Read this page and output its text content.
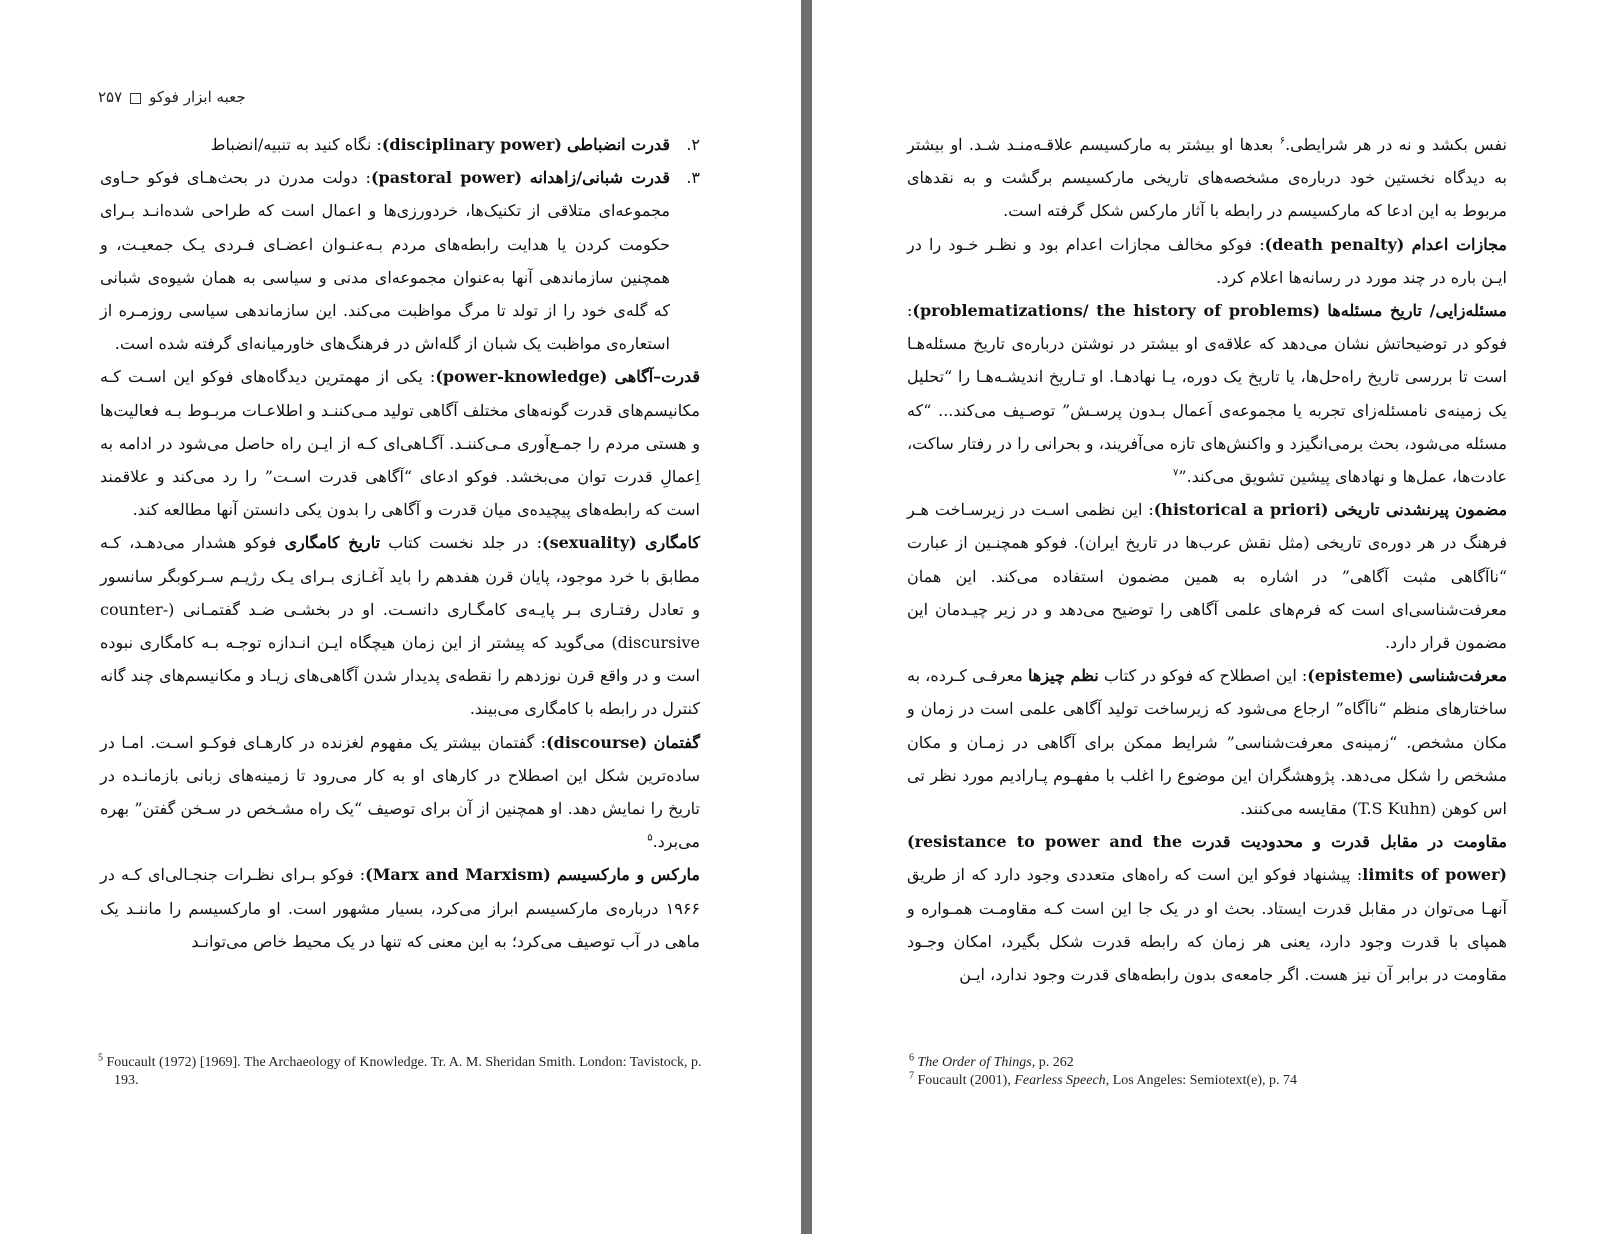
جعبه ابزار فوکو۲۵۷

۲.
قدرت انضباطی (disciplinary power): نگاه کنید به تنبیه/انضباط

۳.
قدرت شبانی/زاهدانه (pastoral power): دولت مدرن در بحث‌هـای فوکو حـاوی مجموعه‌ای متلاقی از تکنیک‌ها، خردورزی‌ها و اعمال است که طراحی شده‌انـد بـرای حکومت کردن یا هدایت رابطه‌های مردم بـه‌عنـوان اعضـای فـردی یـک جمعیـت، و همچنین سازماندهی آنها به‌عنوان مجموعه‌ای مدنی و سیاسی به همان شیوه‌ی شبانی که گله‌ی خود را از تولد تا مرگ مواظبت می‌کند. این سازماندهی سیاسی روزمـره از استعاره‌ی مواظبت یک شبان از گله‌اش در فرهنگ‌های خاورمیانه‌ای گرفته شده است.

قدرت–آگاهی (power-knowledge): یکی از مهمترین دیدگاه‌های فوکو این اسـت کـه مکانیسم‌های قدرت گونه‌های مختلف آگاهی تولید مـی‌کننـد و اطلاعـات مربـوط بـه فعالیت‌ها و هستی مردم را جمـع‌آوری مـی‌کننـد. آگـاهی‌ای کـه از ایـن راه حاصل می‌شود در ادامه به اِعمالِ قدرت توان می‌بخشد. فوکو ادعای “آگاهی قدرت اسـت” را رد می‌کند و علاقمند است که رابطه‌های پیچیده‌ی میان قدرت و آگاهی را بدون یکی دانستن آنها مطالعه کند.

کامگاری (sexuality): در جلد نخست کتاب تاریخ کامگاری فوکو هشدار می‌دهـد، کـه مطابق با خرد موجود، پایان قرن هفدهم را باید آغـازی بـرای یـک رژیـم سـرکوبگر سانسور و تعادل رفتـاری بـر پایـه‌ی کامگـاری دانسـت. او در بخشـی ضـد گفتمـانی (counter-discursive) می‌گوید که پیشتر از این زمان هیچگاه ایـن انـدازه توجـه بـه کامگاری نبوده است و در واقع قرن نوزدهم را نقطه‌ی پدیدار شدن آگاهی‌های زیـاد و مکانیسم‌های چند گانه کنترل در رابطه با کامگاری می‌بیند.

گفتمان (discourse): گفتمان بیشتر یک مفهوم لغزنده در کارهـای فوکـو اسـت. امـا در ساده‌ترین شکل این اصطلاح در کارهای او به کار می‌رود تا زمینه‌های زبانی بازمانـده در تاریخ را نمایش دهد. او همچنین از آن برای توصیف “یک راه مشـخص در سـخن گفتن” بهره می‌برد.$^۵$

مارکس و مارکسیسم (Marx and Marxism): فوکو بـرای نظـرات جنجـالی‌ای کـه در ۱۹۶۶ درباره‌ی مارکسیسم ابراز می‌کرد، بسیار مشهور است. او مارکسیسم را ماننـد یک ماهی در آب توصیف می‌کرد؛ به این معنی که تنها در یک محیط خاص می‌توانـد

$^5$ Foucault (1972) [1969]. The Archaeology of Knowledge. Tr. A. M. Sheridan Smith. London: Tavistock, p. 193.

نفس بکشد و نه در هر شرایطی.$^۶$ بعدها او بیشتر به مارکسیسم علاقـه‌منـد شـد. او بیشتر به دیدگاه نخستین خود درباره‌ی مشخصه‌های تاریخی مارکسیسم برگشت و به نقدهای مربوط به این ادعا که مارکسیسم در رابطه با آثار مارکس شکل گرفته است.

مجازات اعدام (death penalty): فوکو مخالف مجازات اعدام بود و نظـر خـود را در ایـن باره در چند مورد در رسانه‌ها اعلام کرد.

مسئله‌زایی/ تاریخ مسئله‌ها (problematizations/ the history of problems): فوکو در توضیحاتش نشان می‌دهد که علاقه‌ی او بیشتر در نوشتن درباره‌ی تاریخ مسئله‌هـا است تا بررسی تاریخ راه‌حل‌ها، یا تاریخ یک دوره، یـا نهادهـا. او تـاریخ اندیشـه‌هـا را “تحلیل یک زمینه‌ی نامسئله‌زای تجربه یا مجموعه‌ی اَعمال بـدون پرسـش” توصـیف می‌کند... “که مسئله می‌شود، بحث برمی‌انگیزد و واکنش‌های تازه می‌آفریند، و بحرانی را در رفتار ساکت، عادت‌ها، عمل‌ها و نهادهای پیشین تشویق می‌کند.”$^۷$

مضمون پیرنشدنی تاریخی (historical a priori): این نظمی اسـت در زیرسـاخت هـر فرهنگ در هر دوره‌ی تاریخی (مثل نقش عرب‌ها در تاریخ ایران). فوکو همچنـین از عبارت “ناآگاهی مثبت آگاهی” در اشاره به همین مضمون استفاده می‌کند. این همان معرفت‌شناسی‌ای است که فرم‌های علمی آگاهی را توضیح می‌دهد و در زیر چیـدمان این مضمون قرار دارد.

معرفت‌شناسی (episteme): این اصطلاح که فوکو در کتاب نظم چیزها معرفـی کـرده، به ساختارهای منظم “ناآگاه” ارجاع می‌شود که زیرساخت تولید آگاهی علمی است در زمان و مکان مشخص. “زمینه‌ی معرفت‌شناسی” شرایط ممکن برای آگاهی در زمـان و مکان مشخص را شکل می‌دهد. پژوهشگران این موضوع را اغلب با مفهـوم پـارادیم مورد نظر تی اس کوهن (T.S Kuhn) مقایسه می‌کنند.

مقاومت در مقابل قدرت و محدودیت قدرت (resistance to power and the limits of power): پیشنهاد فوکو این است که راه‌های متعددی وجود دارد که از طریق آنهـا می‌توان در مقابل قدرت ایستاد. بحث او در یک جا این است کـه مقاومـت همـواره و همپای با قدرت وجود دارد، یعنی هر زمان که رابطه قدرت شکل بگیرد، امکان وجـود مقاومت در برابر آن نیز هست. اگر جامعه‌ی بدون رابطه‌های قدرت وجود ندارد، ایـن

$^6$ The Order of Things, p. 262
$^7$ Foucault (2001), Fearless Speech, Los Angeles: Semiotext(e), p. 74
